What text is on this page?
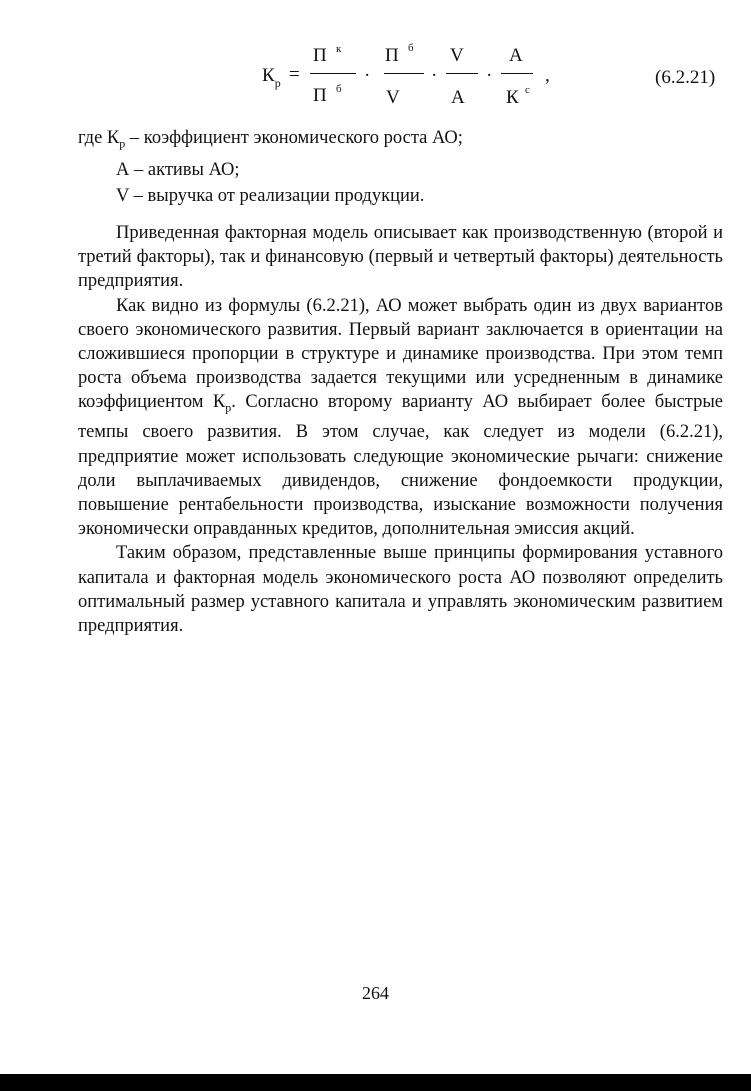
$К_р$ =
П к
П б
·
П б
V
·
V
А
·
А
К с
,	(6.2.21)

где $К_р$ – коэффициент экономического роста АО;

А – активы АО;

V – выручка от реализации продукции.

Приведенная факторная модель описывает как производственную (второй и третий факторы), так и финансовую (первый и четвертый факторы) деятельность предприятия.

Как видно из формулы (6.2.21), АО может выбрать один из двух вариантов своего экономического развития. Первый вариант заключается в ориентации на сложившиеся пропорции в структуре и динамике производства. При этом темп роста объема производства задается текущими или усредненным в динамике коэффициентом $К_р$. Согласно второму варианту АО выбирает более быстрые темпы своего развития. В этом случае, как следует из модели (6.2.21), предприятие может использовать следующие экономические рычаги: снижение доли выплачиваемых дивидендов, снижение фондоемкости продукции, повышение рентабельности производства, изыскание возможности получения экономически оправданных кредитов, дополнительная эмиссия акций.

Таким образом, представленные выше принципы формирования уставного капитала и факторная модель экономического роста АО позволяют определить оптимальный размер уставного капитала и управлять экономическим развитием предприятия.

264
